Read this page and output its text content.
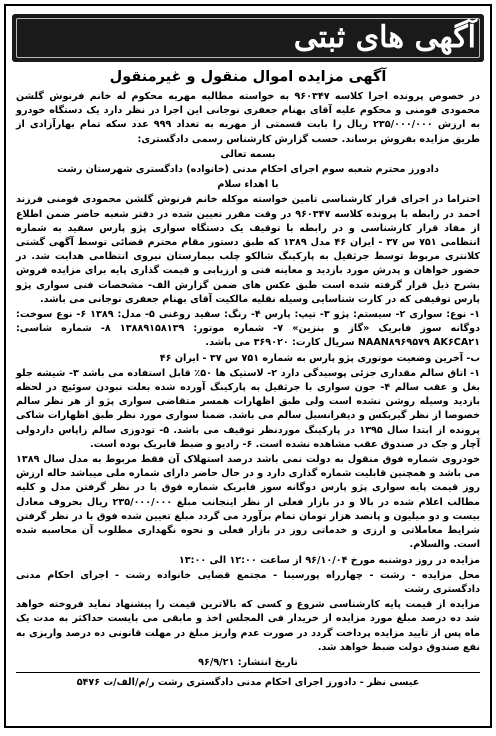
آگهی های ثبتی
آگهی مزایده اموال منقول و غیرمنقول

در خصوص پرونده اجرا کلاسه ۹۶۰۳۴۷ به خواسته مطالبه مهریه محکوم له خانم فرنوش گلشن محمودی فومنی و محکوم علیه آقای بهنام جعفری نوجانی این اجرا در نظر دارد یک دستگاه خودرو به ارزش ۲۳۵/۰۰۰/۰۰۰ ریال را بابت قسمتی از مهریه به تعداد ۹۹۹ عدد سکه تمام بهارآزادی از طریق مزایده بفروش برساند. حسب گزارش کارشناس رسمی دادگستری:

بسمه تعالی

دادورز محترم شعبه سوم اجرای احکام مدنی (خانواده) دادگستری شهرستان رشت

با اهداء سلام

احتراما در اجرای قرار کارشناسی تامین خواسته موکله خانم فرنوش گلشن محمودی فومنی فرزند احمد در رابطه با پرونده کلاسه ۹۶۰۳۴۷ در وقت مقرر تعیین شده در دفتر شعبه حاضر ضمن اطلاع از مفاد قرار کارشناسی و در رابطه با توقیف یک دستگاه سواری پژو پارس سفید به شماره انتظامی ۷۵۱ س ۳۷ - ایران ۴۶ مدل ۱۳۸۹ که طبق دستور مقام محترم قضائی توسط آگهی گشتی کلانتری مربوط توسط جرثقیل به پارکینگ شالکو چلب بیمارستان نیروی انتظامی هدایت شد. در حضور خواهان و پدرش مورد بازدید و معاینه فنی و ارزیابی و قیمت گذاری پایه برای مزایده فروش بشرح ذیل قرار گرفته شده است طبق عکس های ضمن گزارش الف- مشخصات فنی سواری پژو پارس توقیفی که در کارت شناسایی وسیله نقلیه مالکیت آقای بهنام جعفری نوجانی می باشد.

۱- نوع: سواری ۲- سیستم: پژو ۳- تیپ: پارس ۴- رنگ: سفید روغنی ۵- مدل: ۱۳۸۹ ۶- نوع سوخت: دوگانه سوز فابریک «گاز و بنزین» ۷- شماره موتور: ۱۳۸۸۹۱۵۸۱۳۹ ۸- شماره شاسی: NAAN۸۹۶۹۵۷۹ AK۶CA۲۱ سریال کارت: ۳۶۹۰۲۰ می باشد.

ب- آخرین وضعیت موتوری پژو پارس به شماره ۷۵۱ س ۳۷ - ایران ۴۶

۱- اتاق سالم مقداری جزئی پوسیدگی دارد ۲- لاستیک ها ۵۰٪ قابل استفاده می باشد ۳- شیشه جلو بغل و عقب سالم ۴- جون سواری با جرثقیل به پارکینگ آورده شده بعلت نبودن سوئیچ در لحظه بازدید وسیله روشن نشده است ولی طبق اظهارات همسر متقاضی سواری پژو از هر نظر سالم خصوصا از نظر گیربکس و دیفرانسیل سالم می باشد. ضمنا سواری مورد نظر طبق اظهارات شاکی پرونده از ابتدا سال ۱۳۹۵ در پارکینگ موردنظر توقیف می باشد. ۵- تودوزی سالم زاپاس داردولی آچار و جک در صندوق عقب مشاهده نشده است. ۶- رادیو و ضبط فابریک بوده است.

خودروی شماره فوق منقول به دولت نمی باشد درصد استهلاک آن فقط مربوط به مدل سال ۱۳۸۹ می باشد و همچنین قابلیت شماره گذاری دارد و در حال حاضر دارای شماره ملی میباشد حاله ارزش روز قیمت پایه سواری پژو پارس دوگانه سوز فابریک شماره فوق با در نظر گرفتن مدل و کلیه مطالب اعلام شده در بالا و در بازار فعلی از نظر اینجانب مبلغ ۲۳۵/۰۰۰/۰۰۰ ریال بحروف معادل بیست و دو میلیون و پانصد هزار تومان تمام برآورد می گردد مبلغ تعیین شده فوق با در نظر گرفتن شرایط معاملاتی و ارزی و خدماتی روز در بازار فعلی و نحوه نگهداری مطلوب آن محاسبه شده است. والسلام.

مزایده در روز دوشنبه مورخ ۹۶/۱۰/۰۴ از ساعت ۱۲:۰۰ الی ۱۳:۰۰

محل مزایده - رشت - چهارراه پورسینا - مجتمع قضایی خانواده رشت - اجرای احکام مدنی دادگستری رشت

مزایده از قیمت پایه کارشناسی شروع و کسی که بالاترین قیمت را پیشنهاد نماید فروخته خواهد شد ده درصد مبلغ مورد مزایده از خریدار فی المجلس اخذ و مابقی می بایست حداکثر به مدت یک ماه پس از تایید مزایده پرداخت گردد در صورت عدم واریز مبلغ در مهلت قانونی ده درصد واریزی به نفع صندوق دولت ضبط خواهد شد.

تاریخ انتشار: ۹۶/۹/۲۱

عیسی نظر - دادورز اجرای احکام مدنی دادگستری رشت ر/م/الف/ت ۵۴۷۶
